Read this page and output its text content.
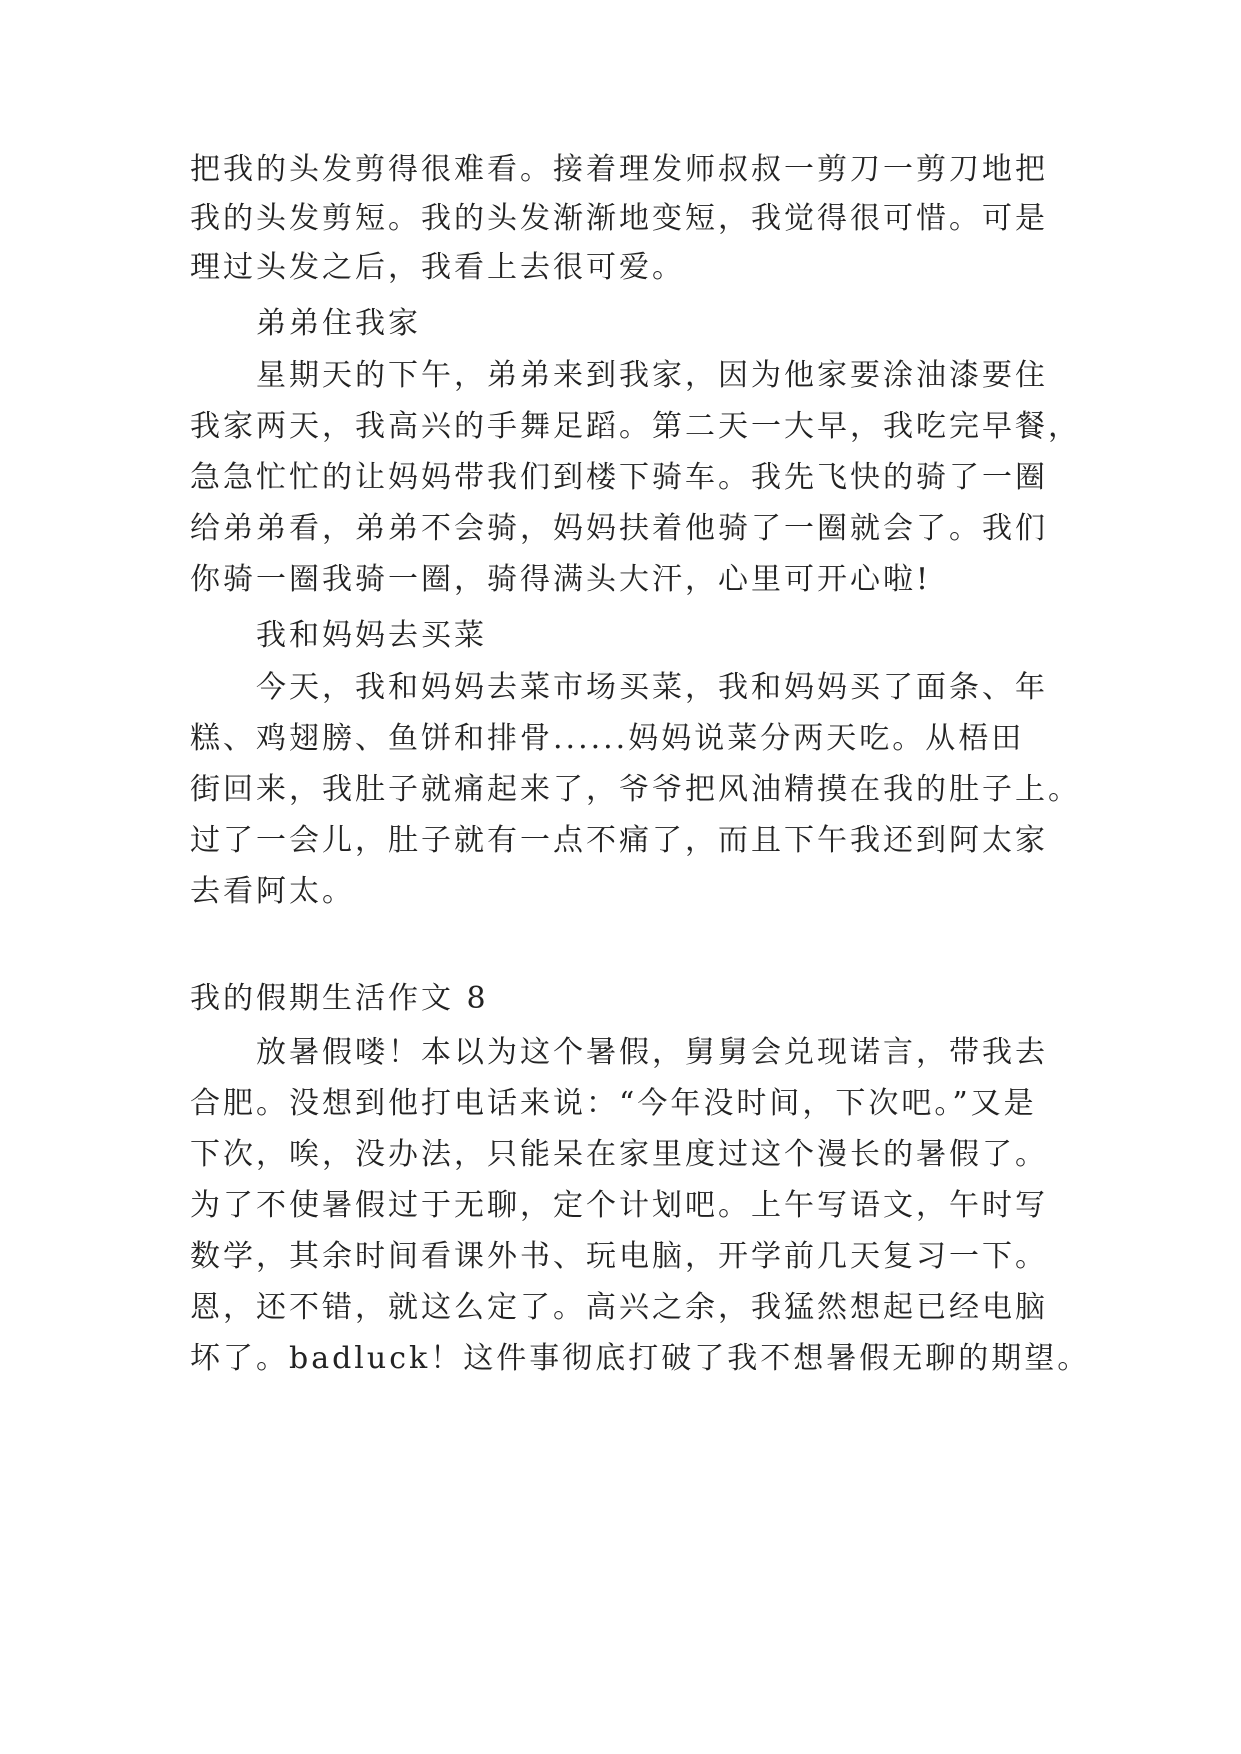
把我的头发剪得很难看。接着理发师叔叔一剪刀一剪刀地把
我的头发剪短。我的头发渐渐地变短，我觉得很可惜。可是
理过头发之后，我看上去很可爱。
弟弟住我家
星期天的下午，弟弟来到我家，因为他家要涂油漆要住
我家两天，我高兴的手舞足蹈。第二天一大早，我吃完早餐，
急急忙忙的让妈妈带我们到楼下骑车。我先飞快的骑了一圈
给弟弟看，弟弟不会骑，妈妈扶着他骑了一圈就会了。我们
你骑一圈我骑一圈，骑得满头大汗，心里可开心啦!
我和妈妈去买菜
今天，我和妈妈去菜市场买菜，我和妈妈买了面条、年
糕、鸡翅膀、鱼饼和排骨......妈妈说菜分两天吃。从梧田
街回来，我肚子就痛起来了，爷爷把风油精摸在我的肚子上。
过了一会儿，肚子就有一点不痛了，而且下午我还到阿太家
去看阿太。
我的假期生活作文 8
放暑假喽！本以为这个暑假，舅舅会兑现诺言，带我去
合肥。没想到他打电话来说：“今年没时间，下次吧。”又是
下次，唉，没办法，只能呆在家里度过这个漫长的暑假了。
为了不使暑假过于无聊，定个计划吧。上午写语文，午时写
数学，其余时间看课外书、玩电脑，开学前几天复习一下。
恩，还不错，就这么定了。高兴之余，我猛然想起已经电脑
坏了。badluck！这件事彻底打破了我不想暑假无聊的期望。
